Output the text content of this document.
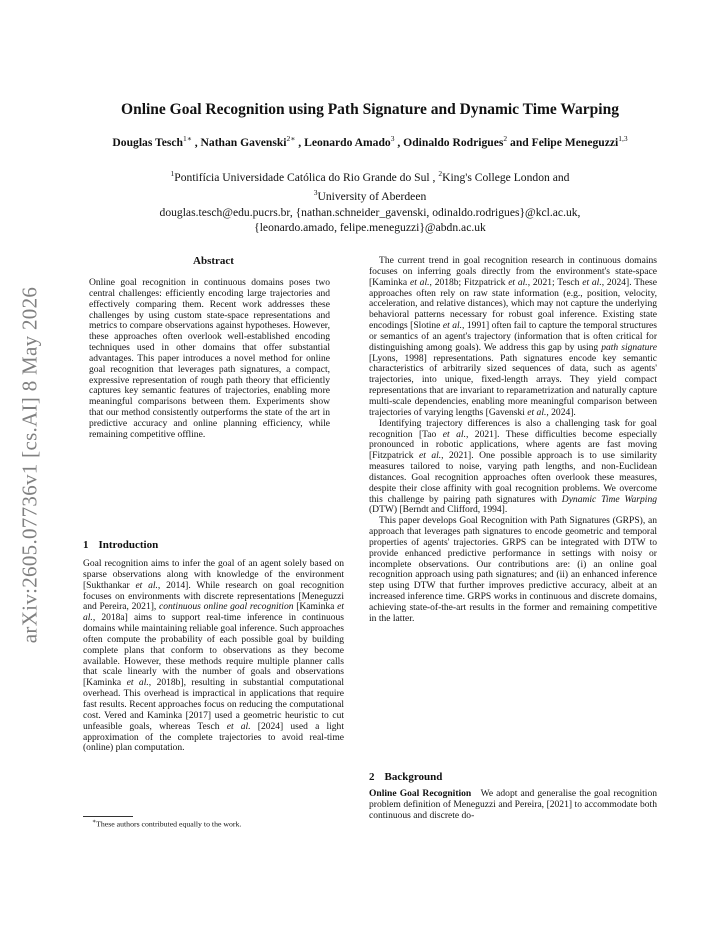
arXiv:2605.07736v1 [cs.AI] 8 May 2026
Online Goal Recognition using Path Signature and Dynamic Time Warping
Douglas Tesch$^{1∗}$ , Nathan Gavenski$^{2∗}$ , Leonardo Amado$^3$ , Odinaldo Rodrigues$^2$ and Felipe Meneguzzi$^{1,3}$
$^1$Pontifícia Universidade Católica do Rio Grande do Sul , $^2$King's College London and
$^3$University of Aberdeen
douglas.tesch@edu.pucrs.br, {nathan.schneider_gavenski, odinaldo.rodrigues}@kcl.ac.uk,
{leonardo.amado, felipe.meneguzzi}@abdn.ac.uk
Abstract
Online goal recognition in continuous domains poses two central challenges: efficiently encoding large trajectories and effectively comparing them. Recent work addresses these challenges by using custom state-space representations and metrics to compare observations against hypotheses. However, these approaches often overlook well-established encoding techniques used in other domains that offer substantial advantages. This paper introduces a novel method for online goal recognition that leverages path signatures, a compact, expressive representation of rough path theory that efficiently captures key semantic features of trajectories, enabling more meaningful comparisons between them. Experiments show that our method consistently outperforms the state of the art in predictive accuracy and online planning efficiency, while remaining competitive offline.
1 Introduction

Goal recognition aims to infer the goal of an agent solely based on sparse observations along with knowledge of the environment [Sukthankar et al., 2014]. While research on goal recognition focuses on environments with discrete representations [Meneguzzi and Pereira, 2021], continuous online goal recognition [Kaminka et al., 2018a] aims to support real-time inference in continuous domains while maintaining reliable goal inference. Such approaches often compute the probability of each possible goal by building complete plans that conform to observations as they become available. However, these methods require multiple planner calls that scale linearly with the number of goals and observations [Kaminka et al., 2018b], resulting in substantial computational overhead. This overhead is impractical in applications that require fast results. Recent approaches focus on reducing the computational cost. Vered and Kaminka [2017] used a geometric heuristic to cut unfeasible goals, whereas Tesch et al. [2024] used a light approximation of the complete trajectories to avoid real-time (online) plan computation.

The current trend in goal recognition research in continuous domains focuses on inferring goals directly from the environment's state-space [Kaminka et al., 2018b; Fitzpatrick et al., 2021; Tesch et al., 2024]. These approaches often rely on raw state information (e.g., position, velocity, acceleration, and relative distances), which may not capture the underlying behavioral patterns necessary for robust goal inference. Existing state encodings [Slotine et al., 1991] often fail to capture the temporal structures or semantics of an agent's trajectory (information that is often critical for distinguishing among goals). We address this gap by using path signature [Lyons, 1998] representations. Path signatures encode key semantic characteristics of arbitrarily sized sequences of data, such as agents' trajectories, into unique, fixed-length arrays. They yield compact representations that are invariant to reparametrization and naturally capture multi-scale dependencies, enabling more meaningful comparison between trajectories of varying lengths [Gavenski et al., 2024].

Identifying trajectory differences is also a challenging task for goal recognition [Tao et al., 2021]. These difficulties become especially pronounced in robotic applications, where agents are fast moving [Fitzpatrick et al., 2021]. One possible approach is to use similarity measures tailored to noise, varying path lengths, and non-Euclidean distances. Goal recognition approaches often overlook these measures, despite their close affinity with goal recognition problems. We overcome this challenge by pairing path signatures with Dynamic Time Warping (DTW) [Berndt and Clifford, 1994].

This paper develops Goal Recognition with Path Signatures (GRPS), an approach that leverages path signatures to encode geometric and temporal properties of agents' trajectories. GRPS can be integrated with DTW to provide enhanced predictive performance in settings with noisy or incomplete observations. Our contributions are: (i) an online goal recognition approach using path signatures; and (ii) an enhanced inference step using DTW that further improves predictive accuracy, albeit at an increased inference time. GRPS works in continuous and discrete domains, achieving state-of-the-art results in the former and remaining competitive in the latter.

2 Background

Online Goal Recognition We adopt and generalise the goal recognition problem definition of Meneguzzi and Pereira, [2021] to accommodate both continuous and discrete do-

∗These authors contributed equally to the work.
